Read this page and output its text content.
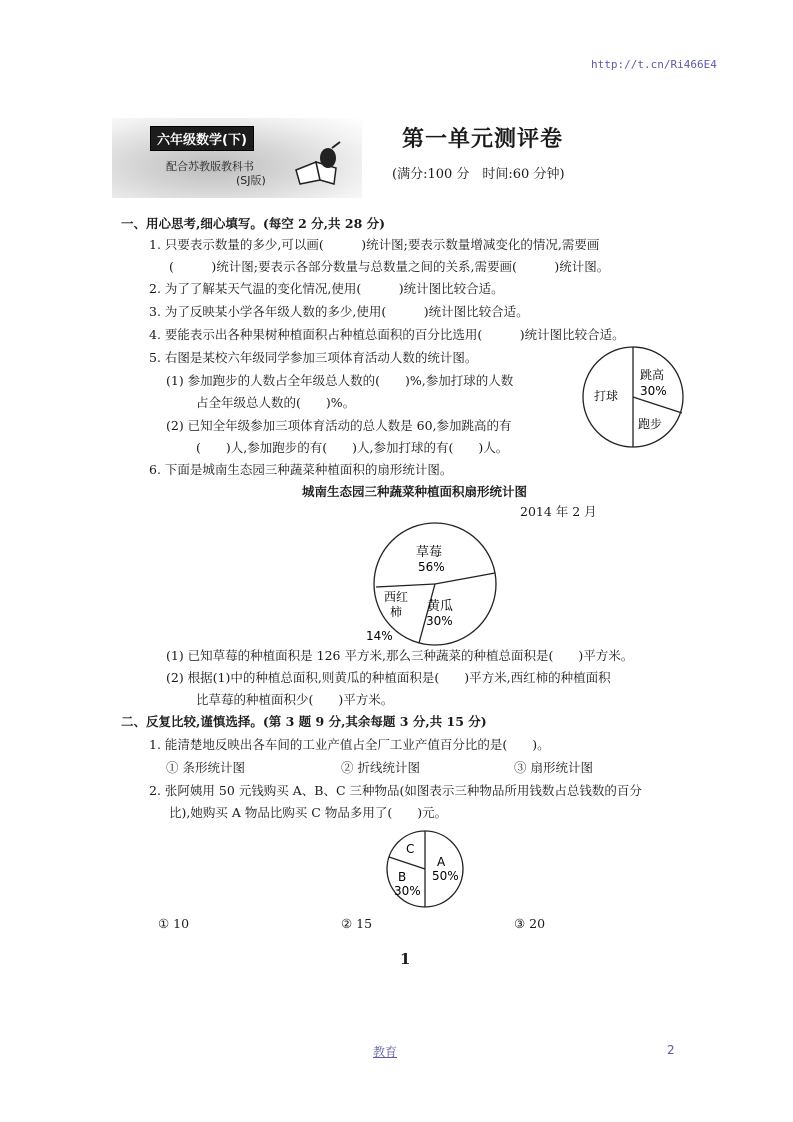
http://t.cn/Ri466E4
六年级数学(下)
配合苏教版教科书
(SJ版)
第一单元测评卷
(满分:100 分　时间:60 分钟)
一、用心思考,细心填写。(每空 2 分,共 28 分)
1. 只要表示数量的多少,可以画(　　　)统计图;要表示数量增减变化的情况,需要画
(　　　)统计图;要表示各部分数量与总数量之间的关系,需要画(　　　)统计图。
2. 为了了解某天气温的变化情况,使用(　　　)统计图比较合适。
3. 为了反映某小学各年级人数的多少,使用(　　　)统计图比较合适。
4. 要能表示出各种果树种植面积占种植总面积的百分比选用(　　　)统计图比较合适。
5. 右图是某校六年级同学参加三项体育活动人数的统计图。
(1) 参加跑步的人数占全年级总人数的(　　)%,参加打球的人数
占全年级总人数的(　　)%。
(2) 已知全年级参加三项体育活动的总人数是 60,参加跳高的有
(　　)人,参加跑步的有(　　)人,参加打球的有(　　)人。
跳高
30%
跑步
打球
6. 下面是城南生态园三种蔬菜种植面积的扇形统计图。
城南生态园三种蔬菜种植面积扇形统计图
2014 年 2 月
草莓
56%
黄瓜
30%
西 红
柿
14%
(1) 已知草莓的种植面积是 126 平方米,那么三种蔬菜的种植总面积是(　　)平方米。
(2) 根据(1)中的种植总面积,则黄瓜的种植面积是(　　)平方米,西红柿的种植面积
比草莓的种植面积少(　　)平方米。
二、反复比较,谨慎选择。(第 3 题 9 分,其余每题 3 分,共 15 分)
1. 能清楚地反映出各车间的工业产值占全厂工业产值百分比的是(　　)。
① 条形统计图	② 折线统计图	③ 扇形统计图
2. 张阿姨用 50 元钱购买 A、B、C 三种物品(如图表示三种物品所用钱数占总钱数的百分
比),她购买 A 物品比购买 C 物品多用了(　　)元。
A
50%
B
30%
C
① 10	② 15	③ 20
1
教育	2
